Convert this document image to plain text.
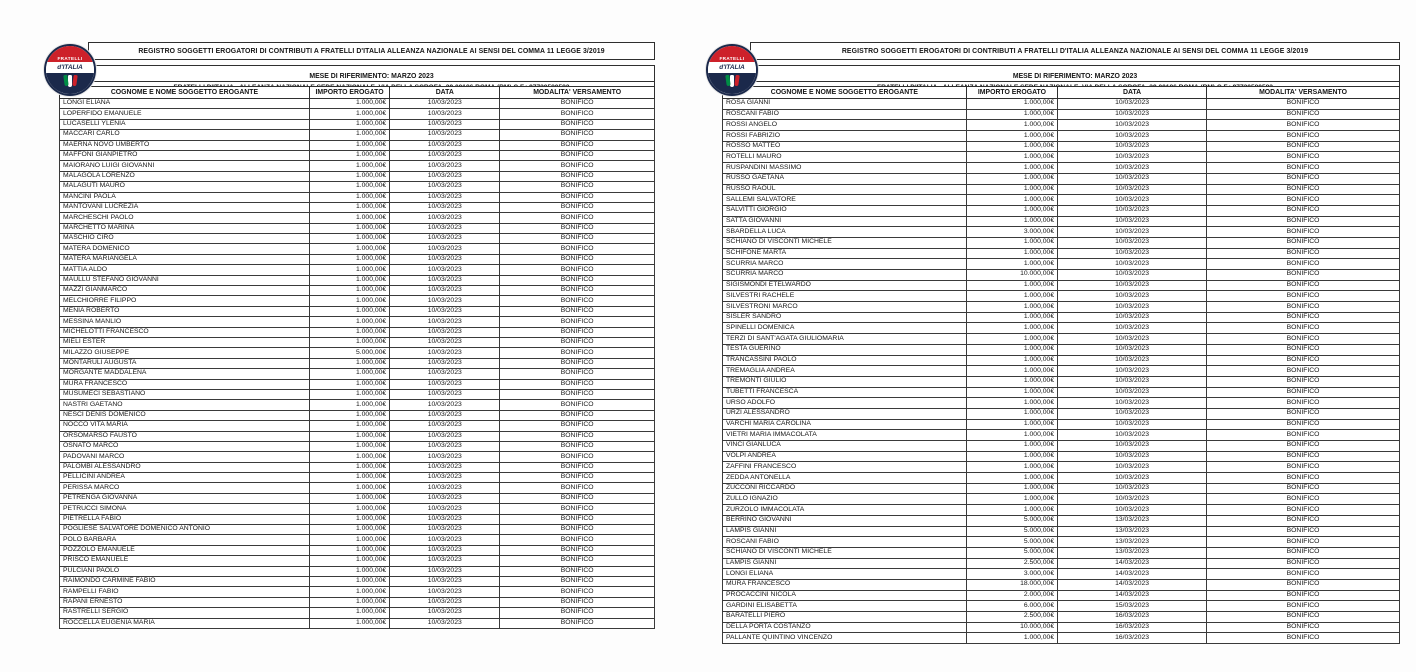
FRATELLI
d'ITALIA
REGISTRO SOGGETTI EROGATORI DI CONTRIBUTI A FRATELLI D'ITALIA ALLEANZA NAZIONALE AI SENSI DEL COMMA 11 LEGGE 3/2019
MESE DI RIFERIMENTO: MARZO 2023
COGNOME E NOME SOGGETTO EROGANTE	IMPORTO EROGATO	DATA	MODALITA' VERSAMENTO
LONGI ELIANA	1.000,00€	10/03/2023	BONIFICO
LOPERFIDO EMANUELE	1.000,00€	10/03/2023	BONIFICO
LUCASELLI YLENIA	1.000,00€	10/03/2023	BONIFICO
MACCARI CARLO	1.000,00€	10/03/2023	BONIFICO
MAERNA NOVO UMBERTO	1.000,00€	10/03/2023	BONIFICO
MAFFONI GIANPIETRO	1.000,00€	10/03/2023	BONIFICO
MAIORANO LUIGI GIOVANNI	1.000,00€	10/03/2023	BONIFICO
MALAGOLA LORENZO	1.000,00€	10/03/2023	BONIFICO
MALAGUTI MAURO	1.000,00€	10/03/2023	BONIFICO
MANCINI PAOLA	1.000,00€	10/03/2023	BONIFICO
MANTOVANI LUCREZIA	1.000,00€	10/03/2023	BONIFICO
MARCHESCHI PAOLO	1.000,00€	10/03/2023	BONIFICO
MARCHETTO MARINA	1.000,00€	10/03/2023	BONIFICO
MASCHIO CIRO	1.000,00€	10/03/2023	BONIFICO
MATERA DOMENICO	1.000,00€	10/03/2023	BONIFICO
MATERA MARIANGELA	1.000,00€	10/03/2023	BONIFICO
MATTIA ALDO	1.000,00€	10/03/2023	BONIFICO
MAULLU STEFANO GIOVANNI	1.000,00€	10/03/2023	BONIFICO
MAZZI GIANMARCO	1.000,00€	10/03/2023	BONIFICO
MELCHIORRE FILIPPO	1.000,00€	10/03/2023	BONIFICO
MENIA ROBERTO	1.000,00€	10/03/2023	BONIFICO
MESSINA MANLIO	1.000,00€	10/03/2023	BONIFICO
MICHELOTTI FRANCESCO	1.000,00€	10/03/2023	BONIFICO
MIELI ESTER	1.000,00€	10/03/2023	BONIFICO
MILAZZO GIUSEPPE	5.000,00€	10/03/2023	BONIFICO
MONTARULI AUGUSTA	1.000,00€	10/03/2023	BONIFICO
MORGANTE MADDALENA	1.000,00€	10/03/2023	BONIFICO
MURA FRANCESCO	1.000,00€	10/03/2023	BONIFICO
MUSUMECI SEBASTIANO	1.000,00€	10/03/2023	BONIFICO
NASTRI GAETANO	1.000,00€	10/03/2023	BONIFICO
NESCI DENIS DOMENICO	1.000,00€	10/03/2023	BONIFICO
NOCCO VITA MARIA	1.000,00€	10/03/2023	BONIFICO
ORSOMARSO FAUSTO	1.000,00€	10/03/2023	BONIFICO
OSNATO MARCO	1.000,00€	10/03/2023	BONIFICO
PADOVANI MARCO	1.000,00€	10/03/2023	BONIFICO
PALOMBI ALESSANDRO	1.000,00€	10/03/2023	BONIFICO
PELLICINI ANDREA	1.000,00€	10/03/2023	BONIFICO
PERISSA MARCO	1.000,00€	10/03/2023	BONIFICO
PETRENGA GIOVANNA	1.000,00€	10/03/2023	BONIFICO
PETRUCCI SIMONA	1.000,00€	10/03/2023	BONIFICO
PIETRELLA FABIO	1.000,00€	10/03/2023	BONIFICO
POGLIESE SALVATORE DOMENICO ANTONIO	1.000,00€	10/03/2023	BONIFICO
POLO BARBARA	1.000,00€	10/03/2023	BONIFICO
POZZOLO EMANUELE	1.000,00€	10/03/2023	BONIFICO
PRISCO EMANUELE	1.000,00€	10/03/2023	BONIFICO
PULCIANI PAOLO	1.000,00€	10/03/2023	BONIFICO
RAIMONDO CARMINE FABIO	1.000,00€	10/03/2023	BONIFICO
RAMPELLI FABIO	1.000,00€	10/03/2023	BONIFICO
RAPANI ERNESTO	1.000,00€	10/03/2023	BONIFICO
RASTRELLI SERGIO	1.000,00€	10/03/2023	BONIFICO
ROCCELLA EUGENIA MARIA	1.000,00€	10/03/2023	BONIFICO
FRATELLI
d'ITALIA
REGISTRO SOGGETTI EROGATORI DI CONTRIBUTI A FRATELLI D'ITALIA ALLEANZA NAZIONALE AI SENSI DEL COMMA 11 LEGGE 3/2019
MESE DI RIFERIMENTO: MARZO 2023
COGNOME E NOME SOGGETTO EROGANTE	IMPORTO EROGATO	DATA	MODALITA' VERSAMENTO
ROSA GIANNI	1.000,00€	10/03/2023	BONIFICO
ROSCANI FABIO	1.000,00€	10/03/2023	BONIFICO
ROSSI ANGELO	1.000,00€	10/03/2023	BONIFICO
ROSSI FABRIZIO	1.000,00€	10/03/2023	BONIFICO
ROSSO MATTEO	1.000,00€	10/03/2023	BONIFICO
ROTELLI MAURO	1.000,00€	10/03/2023	BONIFICO
RUSPANDINI MASSIMO	1.000,00€	10/03/2023	BONIFICO
RUSSO GAETANA	1.000,00€	10/03/2023	BONIFICO
RUSSO RAOUL	1.000,00€	10/03/2023	BONIFICO
SALLEMI SALVATORE	1.000,00€	10/03/2023	BONIFICO
SALVITTI GIORGIO	1.000,00€	10/03/2023	BONIFICO
SATTA GIOVANNI	1.000,00€	10/03/2023	BONIFICO
SBARDELLA LUCA	3.000,00€	10/03/2023	BONIFICO
SCHIANO DI VISCONTI MICHELE	1.000,00€	10/03/2023	BONIFICO
SCHIFONE MARTA	1.000,00€	10/03/2023	BONIFICO
SCURRIA MARCO	1.000,00€	10/03/2023	BONIFICO
SCURRIA MARCO	10.000,00€	10/03/2023	BONIFICO
SIGISMONDI ETELWARDO	1.000,00€	10/03/2023	BONIFICO
SILVESTRI RACHELE	1.000,00€	10/03/2023	BONIFICO
SILVESTRONI MARCO	1.000,00€	10/03/2023	BONIFICO
SISLER SANDRO	1.000,00€	10/03/2023	BONIFICO
SPINELLI DOMENICA	1.000,00€	10/03/2023	BONIFICO
TERZI DI SANT'AGATA GIULIOMARIA	1.000,00€	10/03/2023	BONIFICO
TESTA GUERINO	1.000,00€	10/03/2023	BONIFICO
TRANCASSINI PAOLO	1.000,00€	10/03/2023	BONIFICO
TREMAGLIA ANDREA	1.000,00€	10/03/2023	BONIFICO
TREMONTI GIULIO	1.000,00€	10/03/2023	BONIFICO
TUBETTI FRANCESCA	1.000,00€	10/03/2023	BONIFICO
URSO ADOLFO	1.000,00€	10/03/2023	BONIFICO
URZI ALESSANDRO	1.000,00€	10/03/2023	BONIFICO
VARCHI MARIA CAROLINA	1.000,00€	10/03/2023	BONIFICO
VIETRI MARIA IMMACOLATA	1.000,00€	10/03/2023	BONIFICO
VINCI GIANLUCA	1.000,00€	10/03/2023	BONIFICO
VOLPI ANDREA	1.000,00€	10/03/2023	BONIFICO
ZAFFINI FRANCESCO	1.000,00€	10/03/2023	BONIFICO
ZEDDA ANTONELLA	1.000,00€	10/03/2023	BONIFICO
ZUCCONI RICCARDO	1.000,00€	10/03/2023	BONIFICO
ZULLO IGNAZIO	1.000,00€	10/03/2023	BONIFICO
ZURZOLO IMMACOLATA	1.000,00€	10/03/2023	BONIFICO
BERRINO GIOVANNI	5.000,00€	13/03/2023	BONIFICO
LAMPIS GIANNI	5.000,00€	13/03/2023	BONIFICO
ROSCANI FABIO	5.000,00€	13/03/2023	BONIFICO
SCHIANO DI VISCONTI MICHELE	5.000,00€	13/03/2023	BONIFICO
LAMPIS GIANNI	2.500,00€	14/03/2023	BONIFICO
LONGI ELIANA	3.000,00€	14/03/2023	BONIFICO
MURA FRANCESCO	18.000,00€	14/03/2023	BONIFICO
PROCACCINI NICOLA	2.000,00€	14/03/2023	BONIFICO
GARDINI ELISABETTA	6.000,00€	15/03/2023	BONIFICO
BARATELLI PIERO	2.500,00€	16/03/2023	BONIFICO
DELLA PORTA COSTANZO	10.000,00€	16/03/2023	BONIFICO
PALLANTE QUINTINO VINCENZO	1.000,00€	16/03/2023	BONIFICO
